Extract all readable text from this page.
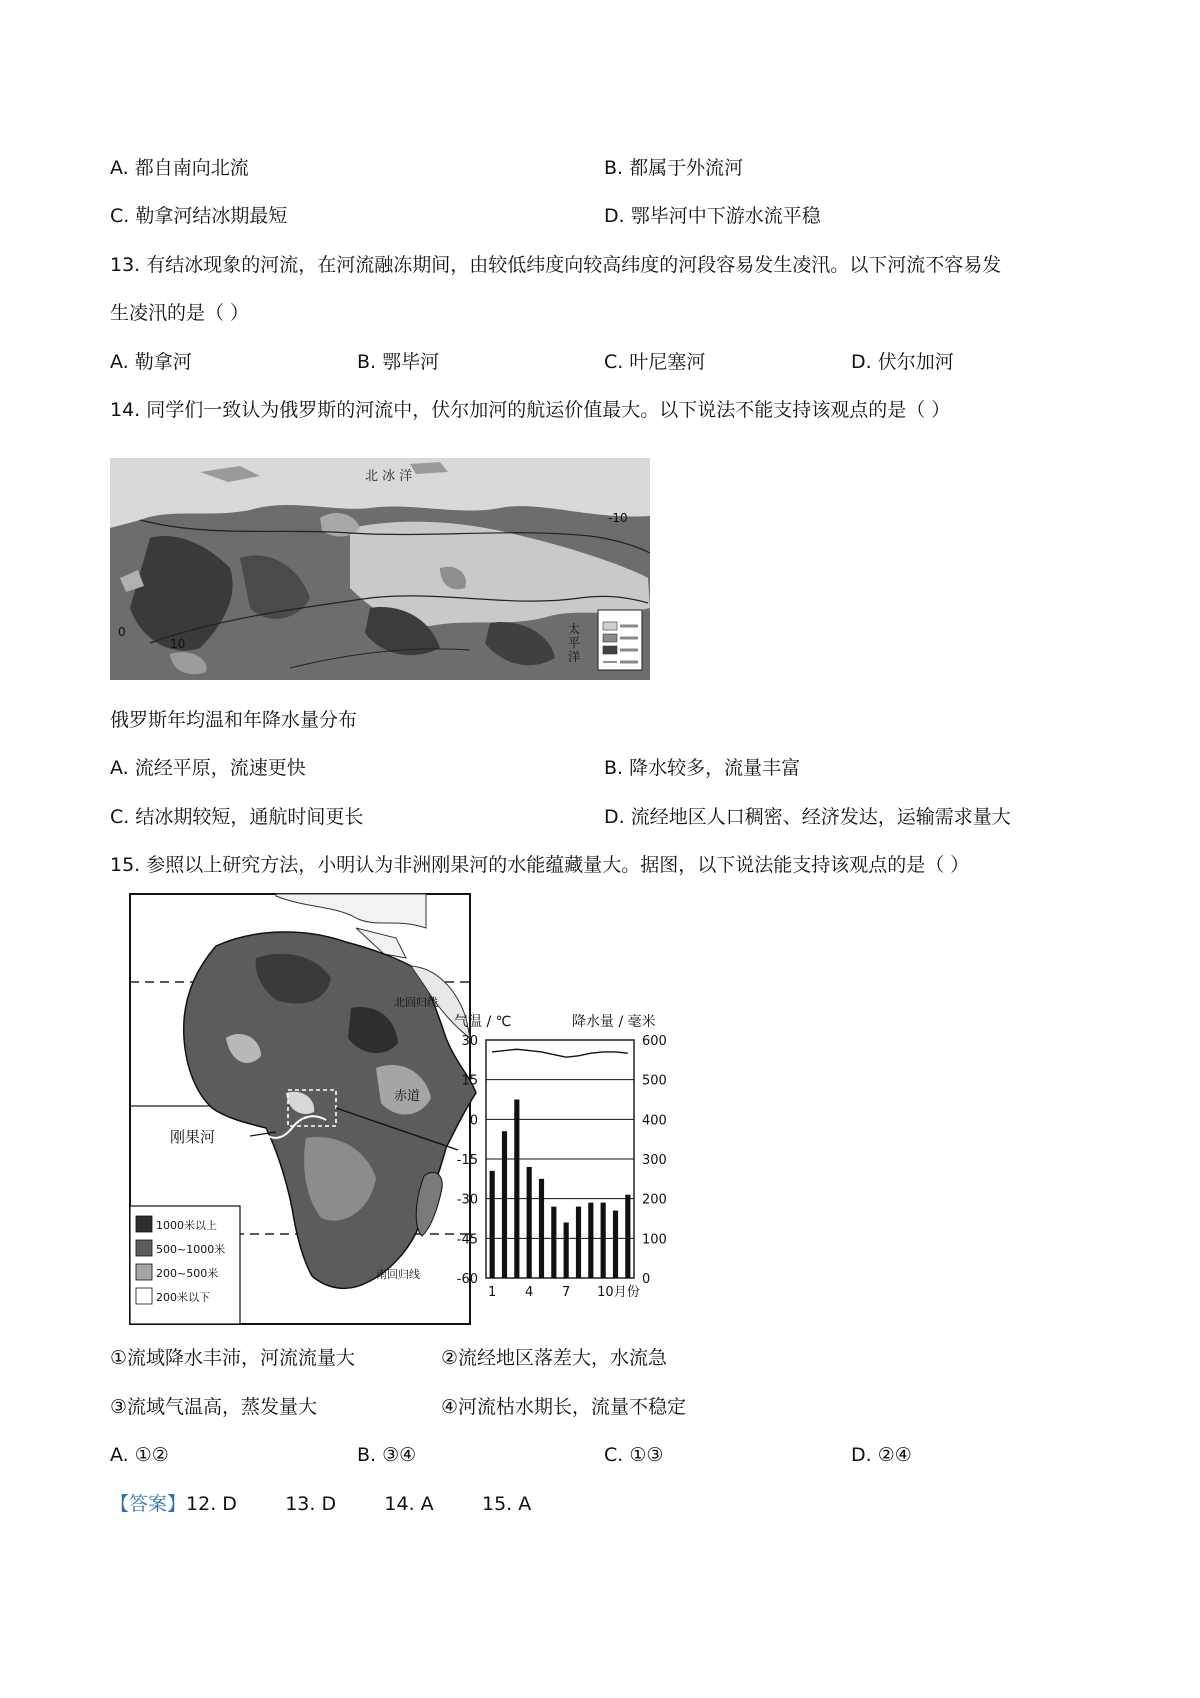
A. 都自南向北流	B. 都属于外流河
C. 勒拿河结冰期最短	D. 鄂毕河中下游水流平稳
13. 有结冰现象的河流，在河流融冻期间，由较低纬度向较高纬度的河段容易发生凌汛。以下河流不容易发
生凌汛的是（ ）
A. 勒拿河	B. 鄂毕河	C. 叶尼塞河	D. 伏尔加河
14. 同学们一致认为俄罗斯的河流中，伏尔加河的航运价值最大。以下说法不能支持该观点的是（ ）
北 冰 洋
-10
10
0	太平洋
俄罗斯年均温和年降水量分布
A. 流经平原，流速更快	B. 降水较多，流量丰富
C. 结冰期较短，通航时间更长	D. 流经地区人口稠密、经济发达，运输需求量大
15. 参照以上研究方法，小明认为非洲刚果河的水能蕴藏量大。据图，以下说法能支持该观点的是（ ）
刚果河
赤道
北回归线
南回归线
1000米以上
500~1000米
200~500米
200米以下
气温 / ℃	降水量 / 毫米
30
15
0
-15
-30
-45
-60
600
500
400
300
200
100
0
1 4 7 10月份
①流域降水丰沛，河流流量大	②流经地区落差大，水流急
③流域气温高，蒸发量大	④河流枯水期长，流量不稳定
A. ①②	B. ③④	C. ①③	D. ②④
【答案】12. D        13. D        14. A        15. A
